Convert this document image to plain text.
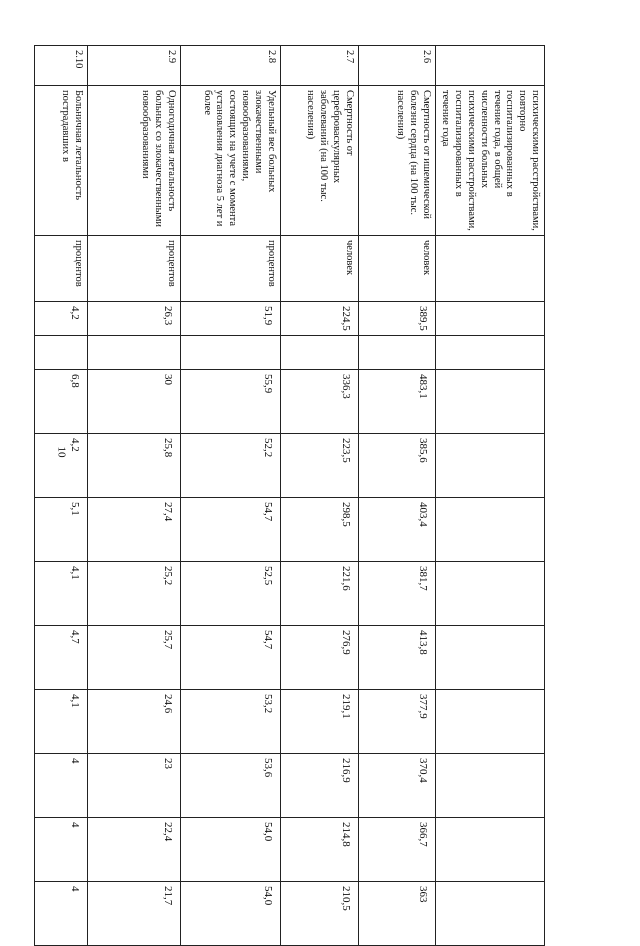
10
	психическими расстройствами, повторно госпитализированных в течение года, в общей численности больных психическими расстройствами, госпитализированных в течение года													
2.6	Смертность от ишемической болезни сердца (на 100 тыс. населения)	человек	389,5		483,1	385,6	403,4	381,7	413,8	377,9	370,4	366,7	363	
2.7	Смертность от цереброваскулярных заболеваний (на 100 тыс. населения)	человек	224,5		336,3	223,5	298,5	221,6	276,9	219,1	216,9	214,8	210,5	
2.8	Удельный вес больных злокачественными новообразованиями, состоящих на учете с момента установления диагноза 5 лет и более	процентов	51,9		55,9	52,2	54,7	52,5	54,7	53,2	53,6	54,0	54,0	
2.9	Одногодичная летальность больных со злокачественными новообразованиями	процентов	26,3		30	25,8	27,4	25,2	25,7	24,6	23	22,4	21,7	
2.10	Больничная летальность пострадавших в	процентов	4,2		6,8	4,2	5,1	4,1	4,7	4,1	4	4	4	
